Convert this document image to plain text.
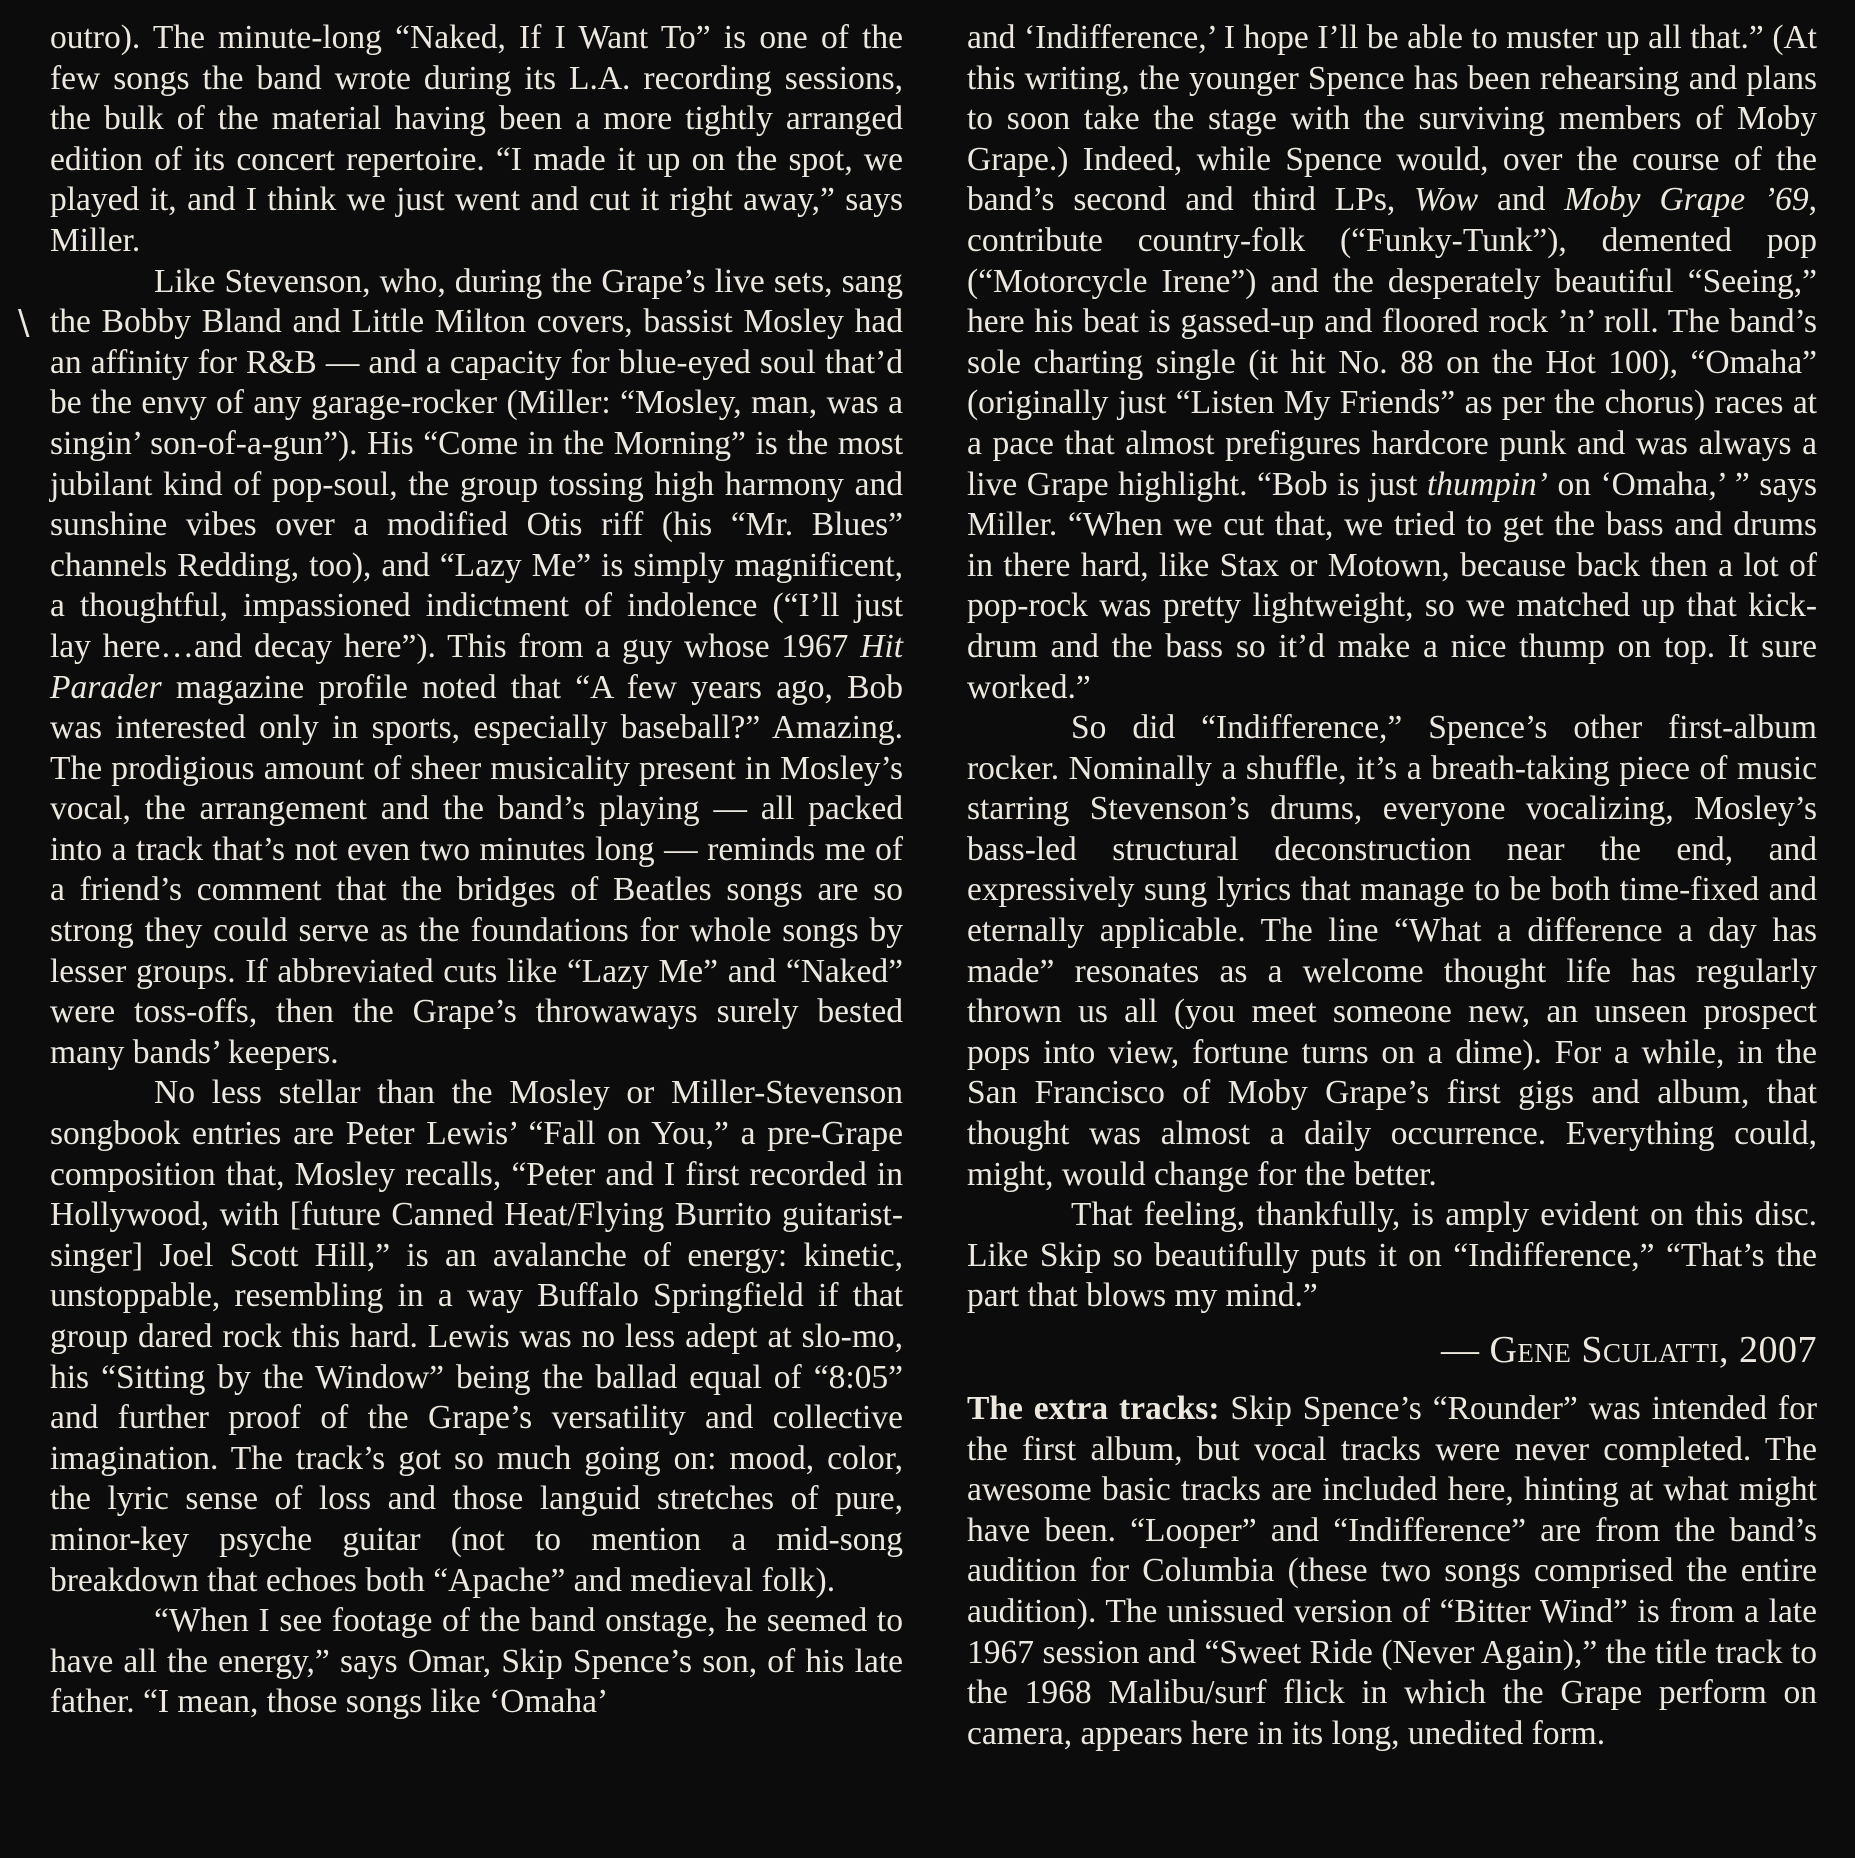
\

outro). The minute-long “Naked, If I Want To” is one of the few songs the band wrote during its L.A. recording sessions, the bulk of the material having been a more tightly arranged edition of its concert repertoire. “I made it up on the spot, we played it, and I think we just went and cut it right away,” says Miller.

Like Stevenson, who, during the Grape’s live sets, sang the Bobby Bland and Little Milton covers, bassist Mosley had an affinity for R&B — and a capacity for blue-eyed soul that’d be the envy of any garage-rocker (Miller: “Mosley, man, was a singin’ son-of-a-gun”). His “Come in the Morning” is the most jubilant kind of pop-soul, the group tossing high harmony and sunshine vibes over a modified Otis riff (his “Mr. Blues” channels Redding, too), and “Lazy Me” is simply magnificent, a thoughtful, impassioned indictment of indolence (“I’ll just lay here…and decay here”). This from a guy whose 1967 Hit Parader magazine profile noted that “A few years ago, Bob was interested only in sports, especially baseball?” Amazing. The prodigious amount of sheer musicality present in Mosley’s vocal, the arrangement and the band’s playing — all packed into a track that’s not even two minutes long — reminds me of a friend’s comment that the bridges of Beatles songs are so strong they could serve as the foundations for whole songs by lesser groups. If abbreviated cuts like “Lazy Me” and “Naked” were toss-offs, then the Grape’s throwaways surely bested many bands’ keepers.

No less stellar than the Mosley or Miller-Stevenson songbook entries are Peter Lewis’ “Fall on You,” a pre-Grape composition that, Mosley recalls, “Peter and I first recorded in Hollywood, with [future Canned Heat/Flying Burrito guitarist-singer] Joel Scott Hill,” is an avalanche of energy: kinetic, unstoppable, resembling in a way Buffalo Springfield if that group dared rock this hard. Lewis was no less adept at slo-mo, his “Sitting by the Window” being the ballad equal of “8:05” and further proof of the Grape’s versatility and collective imagination. The track’s got so much going on: mood, color, the lyric sense of loss and those languid stretches of pure, minor-key psyche guitar (not to mention a mid-song breakdown that echoes both “Apache” and medieval folk).

“When I see footage of the band onstage, he seemed to have all the energy,” says Omar, Skip Spence’s son, of his late father. “I mean, those songs like ‘Omaha’

and ‘Indifference,’ I hope I’ll be able to muster up all that.” (At this writing, the younger Spence has been rehearsing and plans to soon take the stage with the surviving members of Moby Grape.) Indeed, while Spence would, over the course of the band’s second and third LPs, Wow and Moby Grape ’69, contribute country-folk (“Funky-Tunk”), demented pop (“Motorcycle Irene”) and the desperately beautiful “Seeing,” here his beat is gassed-up and floored rock ’n’ roll. The band’s sole charting single (it hit No. 88 on the Hot 100), “Omaha” (originally just “Listen My Friends” as per the chorus) races at a pace that almost prefigures hardcore punk and was always a live Grape highlight. “Bob is just thumpin’ on ‘Omaha,’ ” says Miller. “When we cut that, we tried to get the bass and drums in there hard, like Stax or Motown, because back then a lot of pop-rock was pretty lightweight, so we matched up that kick-drum and the bass so it’d make a nice thump on top. It sure worked.”

So did “Indifference,” Spence’s other first-album rocker. Nominally a shuffle, it’s a breath-taking piece of music starring Stevenson’s drums, everyone vocalizing, Mosley’s bass-led structural deconstruction near the end, and expressively sung lyrics that manage to be both time-fixed and eternally applicable. The line “What a difference a day has made” resonates as a welcome thought life has regularly thrown us all (you meet someone new, an unseen prospect pops into view, fortune turns on a dime). For a while, in the San Francisco of Moby Grape’s first gigs and album, that thought was almost a daily occurrence. Everything could, might, would change for the better.

That feeling, thankfully, is amply evident on this disc. Like Skip so beautifully puts it on “Indifference,” “That’s the part that blows my mind.”

— Gene Sculatti, 2007

The extra tracks: Skip Spence’s “Rounder” was intended for the first album, but vocal tracks were never completed. The awesome basic tracks are included here, hinting at what might have been. “Looper” and “Indifference” are from the band’s audition for Columbia (these two songs comprised the entire audition). The unissued version of “Bitter Wind” is from a late 1967 session and “Sweet Ride (Never Again),” the title track to the 1968 Malibu/surf flick in which the Grape perform on camera, appears here in its long, unedited form.
